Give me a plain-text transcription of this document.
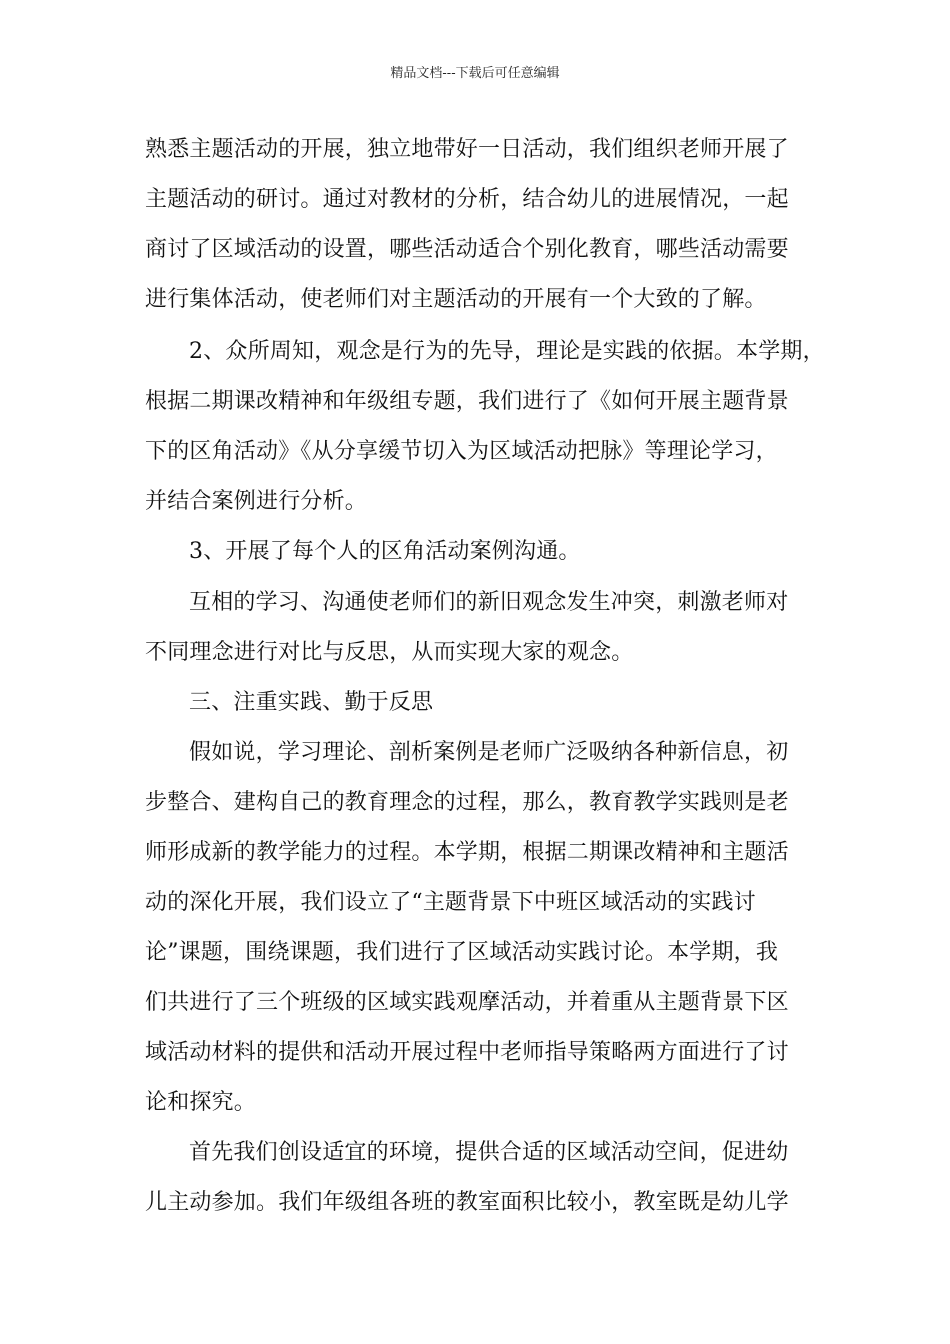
精品文档---下载后可任意编辑
熟悉主题活动的开展，独立地带好一日活动，我们组织老师开展了
主题活动的研讨。通过对教材的分析，结合幼儿的进展情况，一起
商讨了区域活动的设置，哪些活动适合个别化教育，哪些活动需要
进行集体活动，使老师们对主题活动的开展有一个大致的了解。
2、众所周知，观念是行为的先导，理论是实践的依据。本学期，
根据二期课改精神和年级组专题，我们进行了《如何开展主题背景
下的区角活动》《从分享缓节切入为区域活动把脉》等理论学习，
并结合案例进行分析。
3、开展了每个人的区角活动案例沟通。
互相的学习、沟通使老师们的新旧观念发生冲突，刺激老师对
不同理念进行对比与反思，从而实现大家的观念。
三、注重实践、勤于反思
假如说，学习理论、剖析案例是老师广泛吸纳各种新信息，初
步整合、建构自己的教育理念的过程，那么，教育教学实践则是老
师形成新的教学能力的过程。本学期，根据二期课改精神和主题活
动的深化开展，我们设立了“主题背景下中班区域活动的实践讨
论”课题，围绕课题，我们进行了区域活动实践讨论。本学期，我
们共进行了三个班级的区域实践观摩活动，并着重从主题背景下区
域活动材料的提供和活动开展过程中老师指导策略两方面进行了讨
论和探究。
首先我们创设适宜的环境，提供合适的区域活动空间，促进幼
儿主动参加。我们年级组各班的教室面积比较小，教室既是幼儿学
